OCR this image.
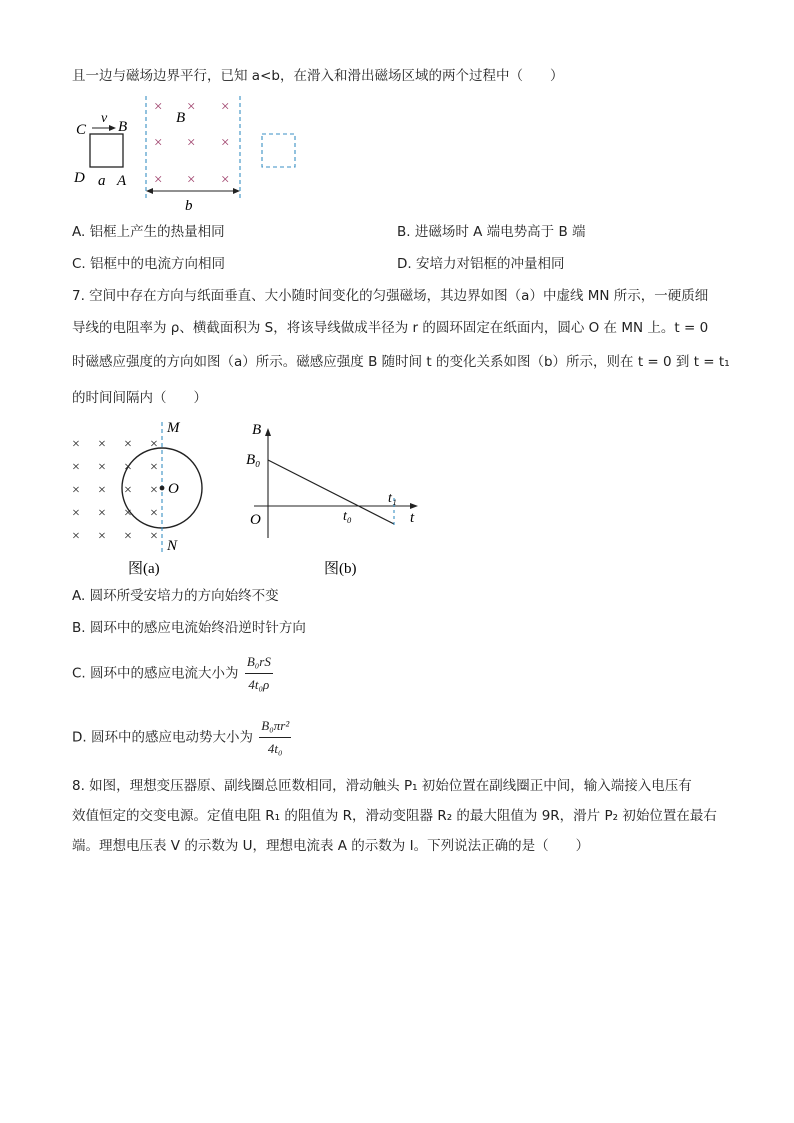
且一边与磁场边界平行，已知 a<b，在滑入和滑出磁场区域的两个过程中（　　）
v
C B
D a A
B
× × ×
× × ×
× × ×
b
A. 铝框上产生的热量相同	B. 进磁场时 A 端电势高于 B 端
C. 铝框中的电流方向相同	D. 安培力对铝框的冲量相同
7. 空间中存在方向与纸面垂直、大小随时间变化的匀强磁场，其边界如图（a）中虚线 MN 所示，一硬质细
导线的电阻率为 ρ、横截面积为 S，将该导线做成半径为 r 的圆环固定在纸面内，圆心 O 在 MN 上。t = 0
时磁感应强度的方向如图（a）所示。磁感应强度 B 随时间 t 的变化关系如图（b）所示，则在 t = 0 到 t = t₁
的时间间隔内（　　）
× × × ×
× × × ×
× × × ×
× × × ×
× × × ×
M
O
N
图(a)
B
B₀
O	t₀
t₁
t
图(b)
A. 圆环所受安培力的方向始终不变
B. 圆环中的感应电流始终沿逆时针方向
C. 圆环中的感应电流大小为 $\frac{\text{B₀rS}}{\text{4t₀ρ}}$
D. 圆环中的感应电动势大小为 $\frac{\text{B₀πr²}}{\text{4t₀}}$
8. 如图，理想变压器原、副线圈总匝数相同，滑动触头 P₁ 初始位置在副线圈正中间，输入端接入电压有
效值恒定的交变电源。定值电阻 R₁ 的阻值为 R，滑动变阻器 R₂ 的最大阻值为 9R，滑片 P₂ 初始位置在最右
端。理想电压表 V 的示数为 U，理想电流表 A 的示数为 I。下列说法正确的是（　　）
